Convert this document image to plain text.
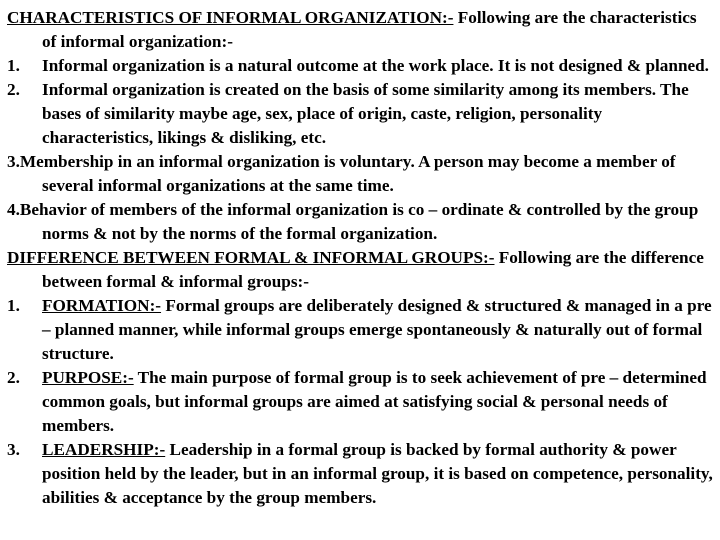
CHARACTERISTICS OF INFORMAL ORGANIZATION:- Following are the characteristics of informal organization:-

1. Informal organization is a natural outcome at the work place. It is not designed & planned.
2. Informal organization is created on the basis of some similarity among its members. The bases of similarity maybe age, sex, place of origin, caste, religion, personality characteristics, likings & disliking, etc.

3.Membership in an informal organization is voluntary. A person may become a member of several informal organizations at the same time.

4.Behavior of members of the informal organization is co – ordinate & controlled by the group norms & not by the norms of the formal organization.

DIFFERENCE BETWEEN FORMAL & INFORMAL GROUPS:- Following are the difference between formal & informal groups:-

1. FORMATION:- Formal groups are deliberately designed & structured & managed in a pre – planned manner, while informal groups emerge spontaneously & naturally out of formal structure.
2. PURPOSE:- The main purpose of formal group is to seek achievement of pre – determined common goals, but informal groups are aimed at satisfying social & personal needs of members.
3. LEADERSHIP:- Leadership in a formal group is backed by formal authority & power position held by the leader, but in an informal group, it is based on competence, personality, abilities & acceptance by the group members.
